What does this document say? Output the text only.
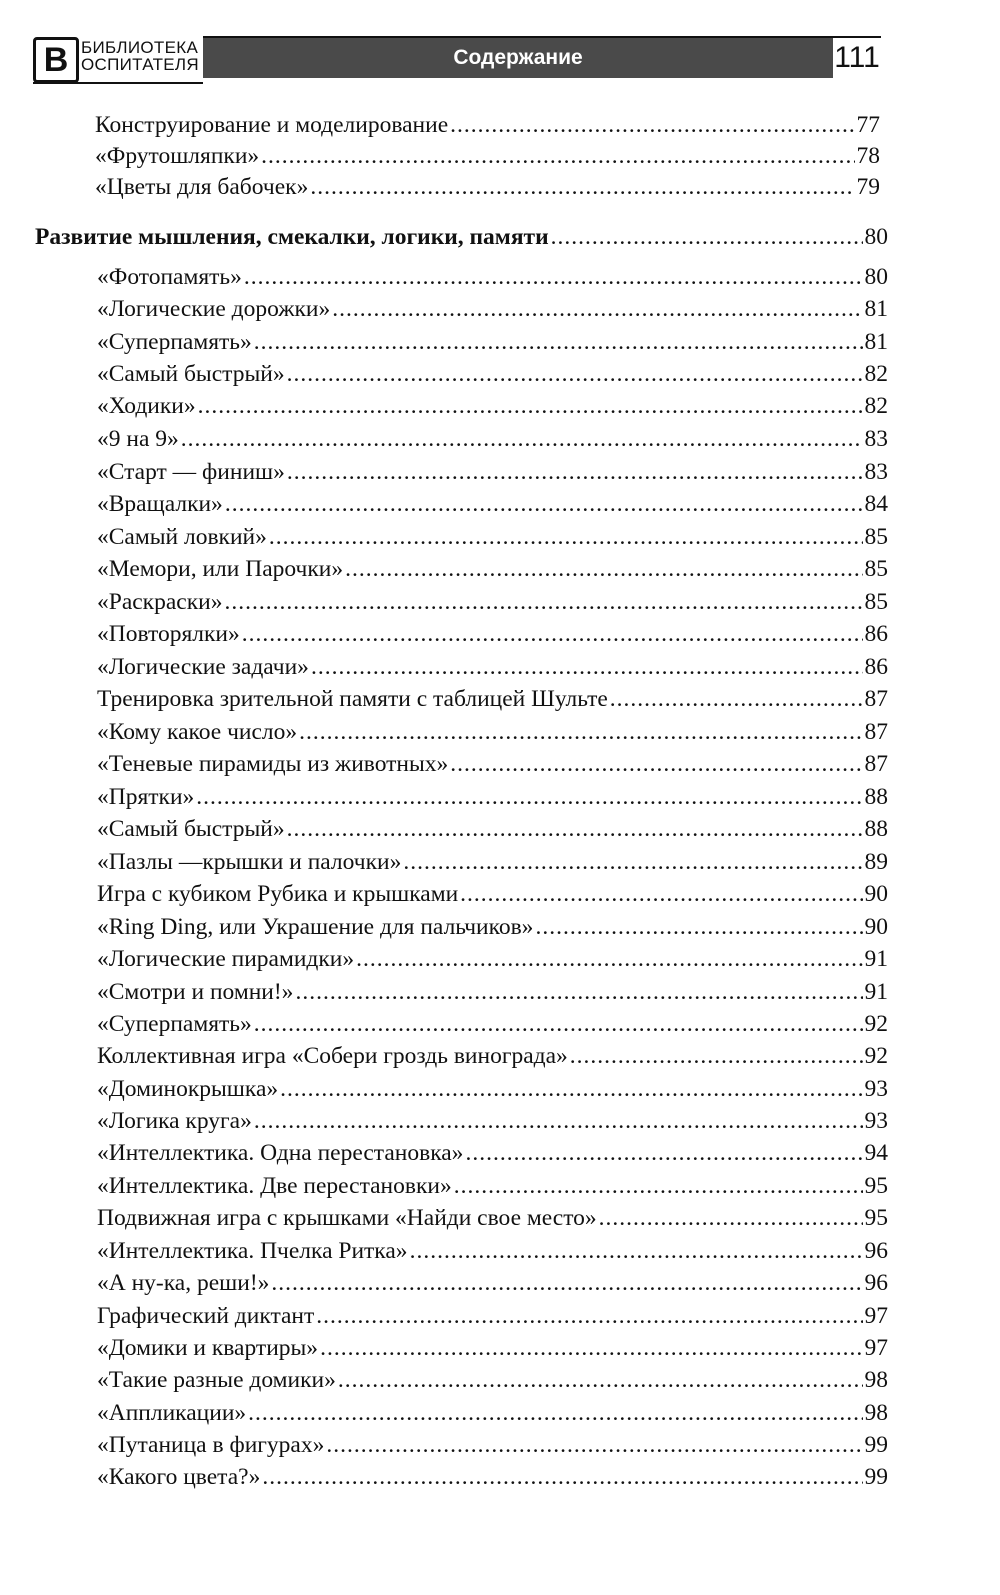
В БИБЛИОТЕКА
ОСПИТАТЕЛЯ	Содержание	111
Конструирование и моделирование .....	77
«Фрутошляпки» .....	78
«Цветы для бабочек» .....	79
Развитие мышления, смекалки, логики, памяти .....	80
«Фотопамять» .....	80
«Логические дорожки» .....	81
«Суперпамять» .....	81
«Самый быстрый» .....	82
«Ходики» .....	82
«9 на 9» .....	83
«Старт — финиш» .....	83
«Вращалки» .....	84
«Самый ловкий» .....	85
«Мемори, или Парочки» .....	85
«Раскраски» .....	85
«Повторялки» .....	86
«Логические задачи» .....	86
Тренировка зрительной памяти с таблицей Шульте .....	87
«Кому какое число» .....	87
«Теневые пирамиды из животных» .....	87
«Прятки» .....	88
«Самый быстрый» .....	88
«Пазлы —крышки и палочки» .....	89
Игра с кубиком Рубика и крышками .....	90
«Ring Ding, или Украшение для пальчиков» .....	90
«Логические пирамидки» .....	91
«Смотри и помни!» .....	91
«Суперпамять» .....	92
Коллективная игра «Собери гроздь винограда» .....	92
«Доминокрышка» .....	93
«Логика круга» .....	93
«Интеллектика. Одна перестановка» .....	94
«Интеллектика. Две перестановки» .....	95
Подвижная игра с крышками «Найди свое место» .....	95
«Интеллектика. Пчелка Ритка» .....	96
«А ну-ка, реши!» .....	96
Графический диктант .....	97
«Домики и квартиры» .....	97
«Такие разные домики» .....	98
«Аппликации» .....	98
«Путаница в фигурах» .....	99
«Какого цвета?» .....	99
